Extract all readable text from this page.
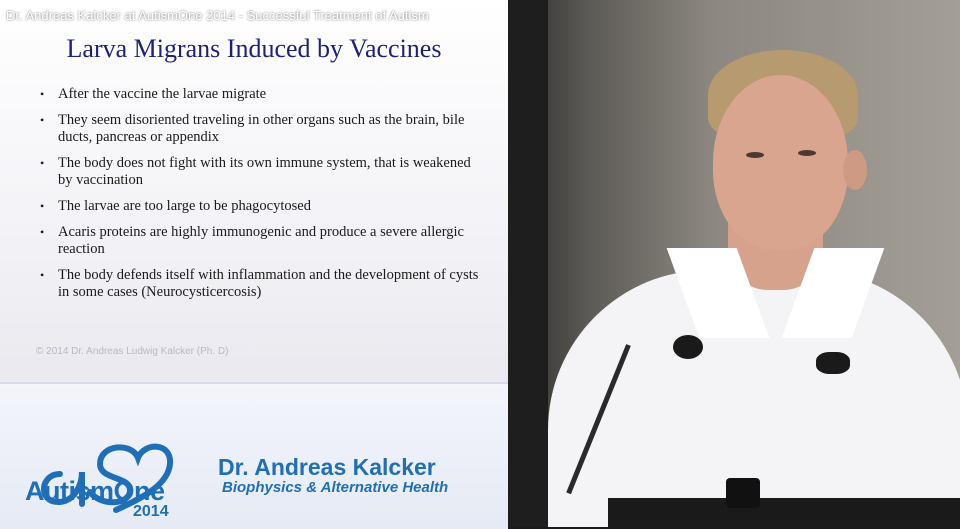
Dr. Andreas Kalcker at AutismOne 2014 - Successful Treatment of Autism
Larva Migrans Induced by Vaccines
• After the vaccine the larvae migrate
• They seem disoriented traveling in other organs such as the brain, bile ducts, pancreas or appendix
• The body does not fight with its own immune system, that is weakened by vaccination
• The larvae are too large to be phagocytosed
• Acaris proteins are highly immunogenic and produce a severe allergic reaction
• The body defends itself with inflammation and the development of cysts in some cases (Neurocysticercosis)
© 2014 Dr. Andreas Ludwig Kalcker (Ph. D)
AutismOne
2014
Dr. Andreas Kalcker
Biophysics & Alternative Health
